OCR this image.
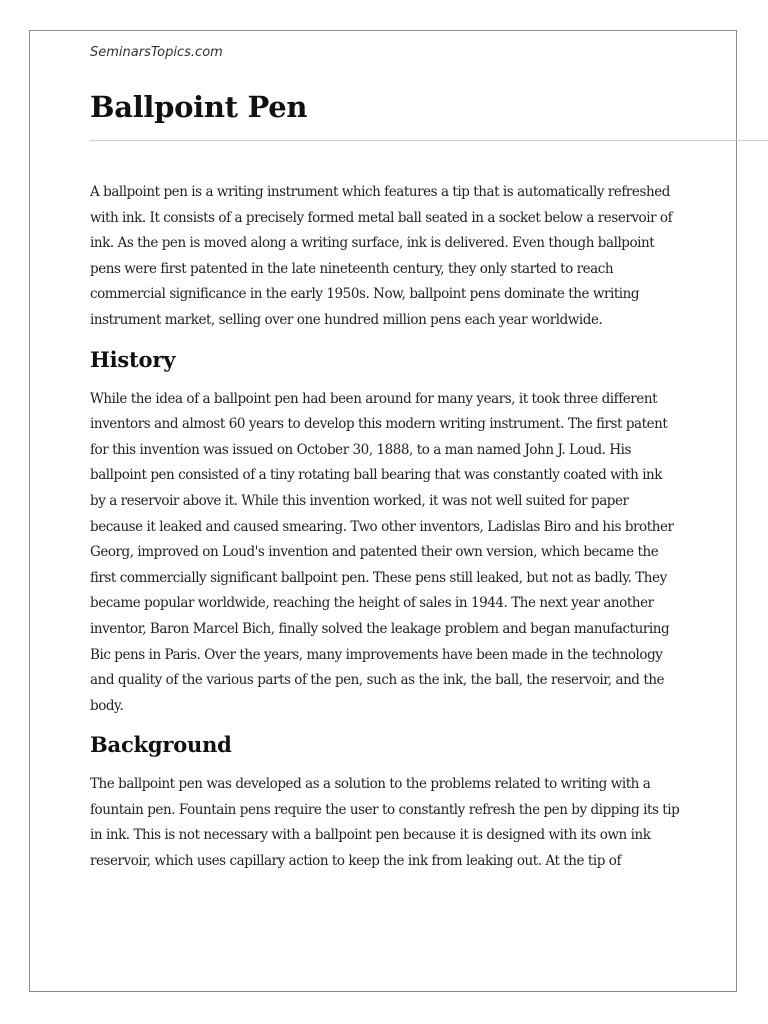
SeminarsTopics.com
Ballpoint Pen

A ballpoint pen is a writing instrument which features a tip that is automatically refreshed with ink. It consists of a precisely formed metal ball seated in a socket below a reservoir of ink. As the pen is moved along a writing surface, ink is delivered. Even though ballpoint pens were first patented in the late nineteenth century, they only started to reach commercial significance in the early 1950s. Now, ballpoint pens dominate the writing instrument market, selling over one hundred million pens each year worldwide.

History

While the idea of a ballpoint pen had been around for many years, it took three different inventors and almost 60 years to develop this modern writing instrument. The first patent for this invention was issued on October 30, 1888, to a man named John J. Loud. His ballpoint pen consisted of a tiny rotating ball bearing that was constantly coated with ink by a reservoir above it. While this invention worked, it was not well suited for paper because it leaked and caused smearing. Two other inventors, Ladislas Biro and his brother Georg, improved on Loud's invention and patented their own version, which became the first commercially significant ballpoint pen. These pens still leaked, but not as badly. They became popular worldwide, reaching the height of sales in 1944. The next year another inventor, Baron Marcel Bich, finally solved the leakage problem and began manufacturing Bic pens in Paris. Over the years, many improvements have been made in the technology and quality of the various parts of the pen, such as the ink, the ball, the reservoir, and the body.

Background

The ballpoint pen was developed as a solution to the problems related to writing with a fountain pen. Fountain pens require the user to constantly refresh the pen by dipping its tip in ink. This is not necessary with a ballpoint pen because it is designed with its own ink reservoir, which uses capillary action to keep the ink from leaking out. At the tip of
